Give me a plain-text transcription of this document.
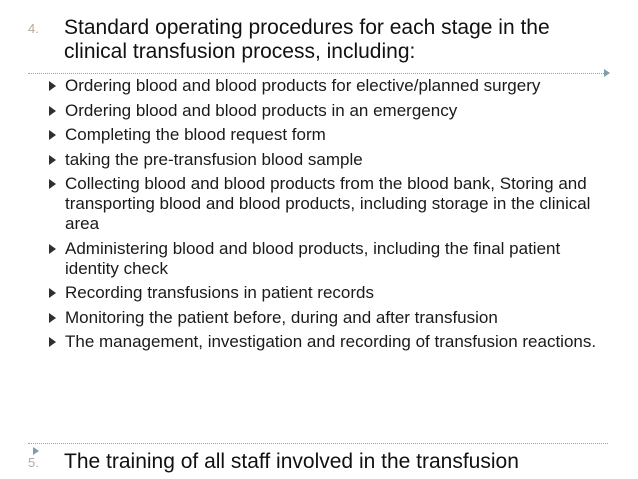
4.	Standard operating procedures for each stage in the clinical transfusion process, including:
Ordering blood and blood products for elective/planned surgery
Ordering blood and blood products in an emergency
Completing the blood request form
taking the pre-transfusion blood sample
Collecting blood and blood products from the blood bank, Storing and transporting blood and blood products, including storage in the clinical area
Administering blood and blood products, including the final patient identity check
Recording transfusions in patient records
Monitoring the patient before, during and after transfusion
The management, investigation and recording of transfusion reactions.
5.	The training of all staff involved in the transfusion
